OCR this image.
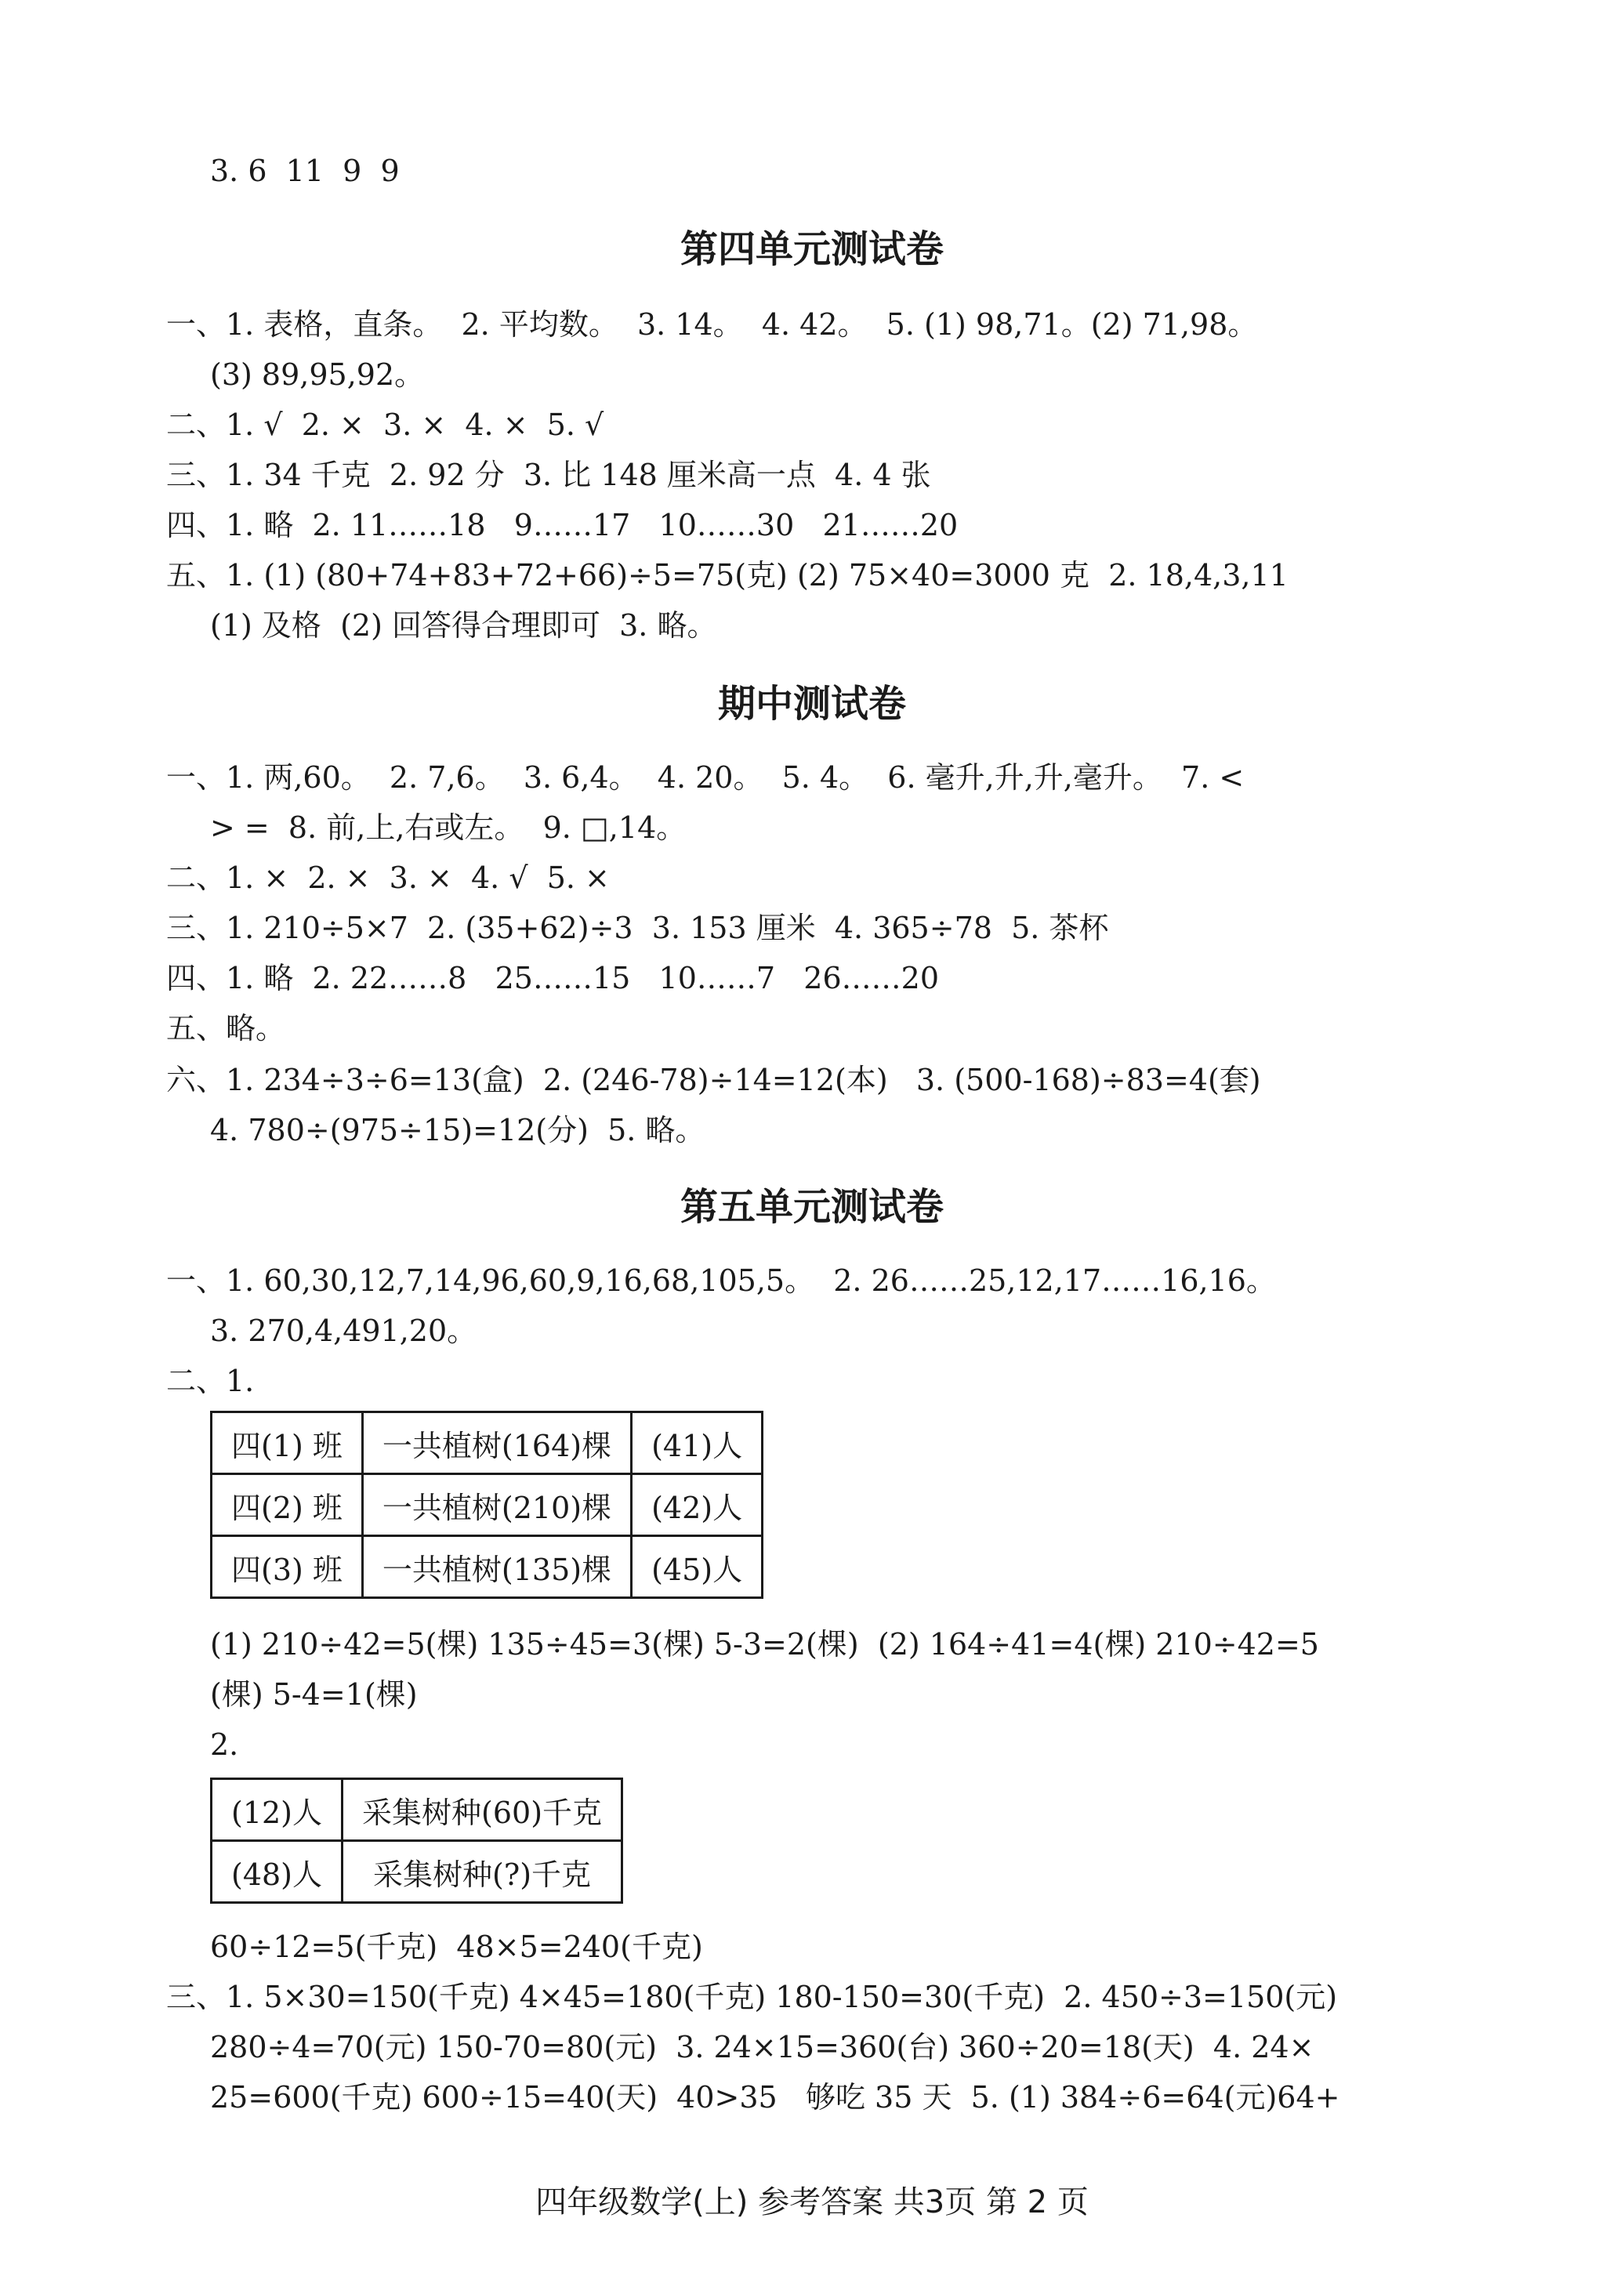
3. 6  11  9  9
第四单元测试卷
一、1. 表格，直条。  2. 平均数。  3. 14。  4. 42。  5. (1) 98,71。(2) 71,98。
(3) 89,95,92。
二、1. √  2. ×  3. ×  4. ×  5. √
三、1. 34 千克  2. 92 分  3. 比 148 厘米高一点  4. 4 张
四、1. 略  2. 11……18   9……17   10……30   21……20
五、1. (1) (80+74+83+72+66)÷5=75(克) (2) 75×40=3000 克  2. 18,4,3,11
(1) 及格  (2) 回答得合理即可  3. 略。
期中测试卷
一、1. 两,60。  2. 7,6。  3. 6,4。  4. 20。  5. 4。  6. 毫升,升,升,毫升。  7. <
> =  8. 前,上,右或左。  9. □,14。
二、1. ×  2. ×  3. ×  4. √  5. ×
三、1. 210÷5×7  2. (35+62)÷3  3. 153 厘米  4. 365÷78  5. 茶杯
四、1. 略  2. 22……8   25……15   10……7   26……20
五、略。
六、1. 234÷3÷6=13(盒)  2. (246-78)÷14=12(本)   3. (500-168)÷83=4(套)
4. 780÷(975÷15)=12(分)  5. 略。
第五单元测试卷
一、1. 60,30,12,7,14,96,60,9,16,68,105,5。  2. 26……25,12,17……16,16。
3. 270,4,491,20。
二、1.
四(1) 班	一共植树(164)棵	(41)人
四(2) 班	一共植树(210)棵	(42)人
四(3) 班	一共植树(135)棵	(45)人
(1) 210÷42=5(棵) 135÷45=3(棵) 5-3=2(棵)  (2) 164÷41=4(棵) 210÷42=5
(棵) 5-4=1(棵)
2.
(12)人	采集树种(60)千克
(48)人	采集树种(?)千克
60÷12=5(千克)  48×5=240(千克)
三、1. 5×30=150(千克) 4×45=180(千克) 180-150=30(千克)  2. 450÷3=150(元)
280÷4=70(元) 150-70=80(元)  3. 24×15=360(台) 360÷20=18(天)  4. 24×
25=600(千克) 600÷15=40(天)  40>35   够吃 35 天  5. (1) 384÷6=64(元)64+
四年级数学(上) 参考答案 共3页 第 2 页
